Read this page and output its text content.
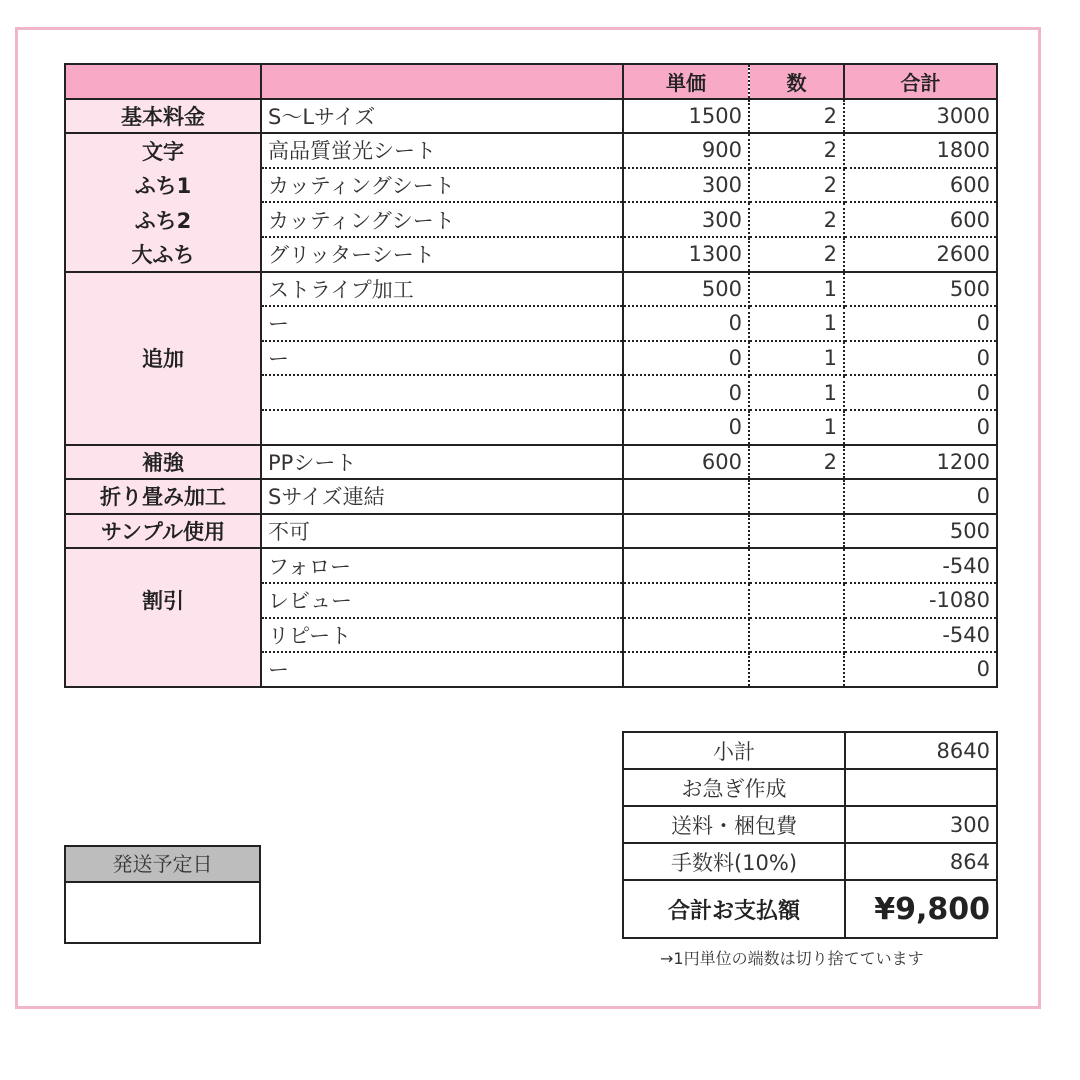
		単価	数	合計
基本料金	S〜Lサイズ	1500	2	3000
文字	高品質蛍光シート	900	2	1800
ふち1	カッティングシート	300	2	600
ふち2	カッティングシート	300	2	600
大ふち	グリッターシート	1300	2	2600
	ストライプ加工	500	1	500
	ー	0	1	0
追加	ー	0	1	0
		0	1	0
		0	1	0
補強	PPシート	600	2	1200
折り畳み加工	Sサイズ連結			0
サンプル使用	不可			500
	フォロー			-540
割引	レビュー			-1080
	リピート			-540
	ー			0
小計	8640
お急ぎ作成	
送料・梱包費	300
手数料(10%)	864
合計お支払額	¥9,800
→1円単位の端数は切り捨てています
発送予定日
